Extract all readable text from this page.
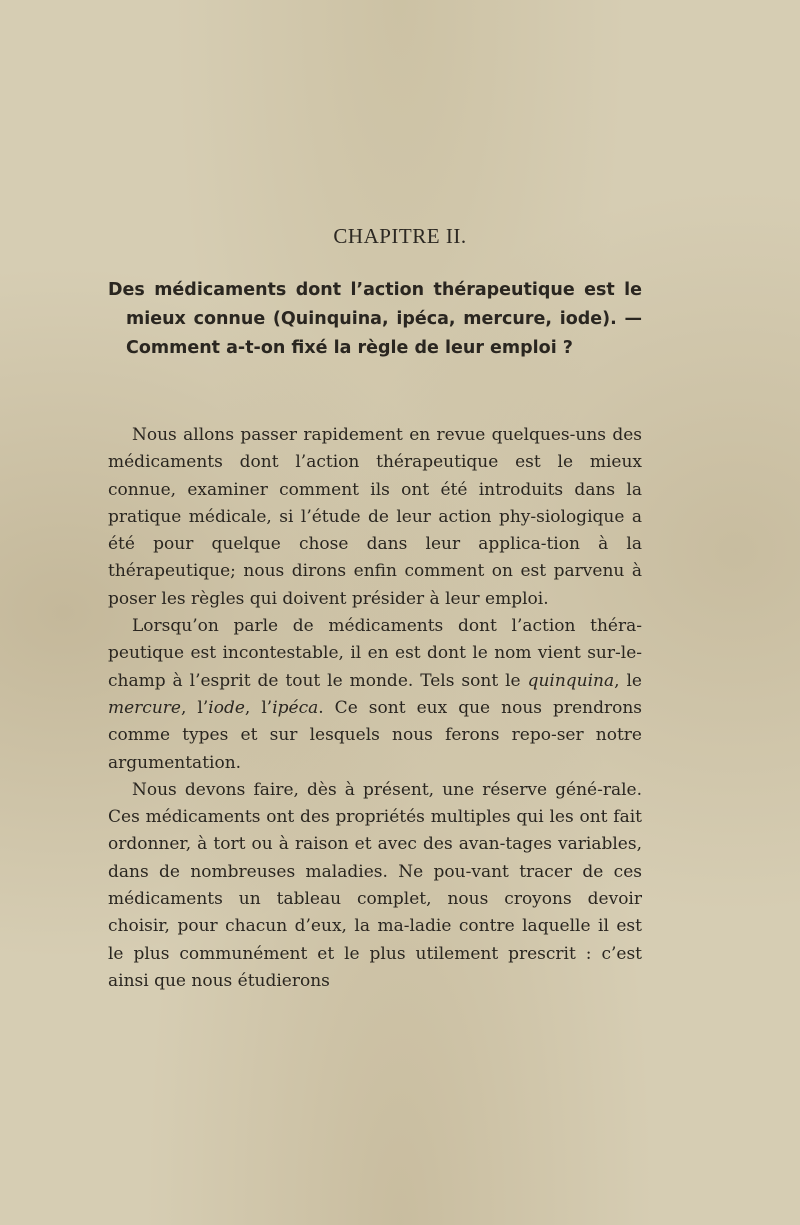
CHAPITRE II.

Des médicaments dont l’action thérapeutique est le mieux connue (Quinquina, ipéca, mercure, iode). — Comment a-t-on fixé la règle de leur emploi ?

Nous allons passer rapidement en revue quelques-uns des médicaments dont l’action thérapeutique est le mieux connue, examiner comment ils ont été introduits dans la pratique médicale, si l’étude de leur action phy-siologique a été pour quelque chose dans leur applica-tion à la thérapeutique; nous dirons enfin comment on est parvenu à poser les règles qui doivent présider à leur emploi.

Lorsqu’on parle de médicaments dont l’action théra-peutique est incontestable, il en est dont le nom vient sur-le-champ à l’esprit de tout le monde. Tels sont le quinquina, le mercure, l’iode, l’ipéca. Ce sont eux que nous prendrons comme types et sur lesquels nous ferons repo-ser notre argumentation.

Nous devons faire, dès à présent, une réserve géné-rale. Ces médicaments ont des propriétés multiples qui les ont fait ordonner, à tort ou à raison et avec des avan-tages variables, dans de nombreuses maladies. Ne pou-vant tracer de ces médicaments un tableau complet, nous croyons devoir choisir, pour chacun d’eux, la ma-ladie contre laquelle il est le plus communément et le plus utilement prescrit : c’est ainsi que nous étudierons
